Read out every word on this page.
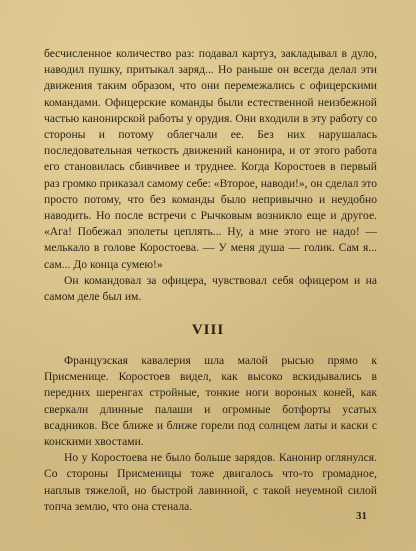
бесчисленное количество раз: подавал картуз, закладывал в дуло, наводил пушку, притыкал заряд... Но раньше он всегда делал эти движения таким образом, что они перемежались с офицерскими командами. Офицерские команды были естественной неизбежной частью канонирской работы у орудия. Они входили в эту работу со стороны и потому облегчали ее. Без них нарушалась последовательная четкость движений канонира, и от этого работа его становилась сбивчивее и труднее. Когда Коростоев в первый раз громко приказал самому себе: «Второе, наводи!», он сделал это просто потому, что без команды было непривычно и неудобно наводить. Но после встречи с Рычковым возникло еще и другое. «Ага! Побежал эполеты цеплять... Ну, а мне этого не надо! — мелькало в голове Коростоева. — У меня душа — голик. Сам я... сам... До конца сумею!»

Он командовал за офицера, чувствовал себя офицером и на самом деле был им.

VIII

Французская кавалерия шла малой рысью прямо к Присменице. Коростоев видел, как высоко вскидывались в передних шеренгах стройные, тонкие ноги вороных коней, как сверкали длинные палаши и огромные ботфорты усатых всадников. Все ближе и ближе горели под солнцем латы и каски с конскими хвостами.

Но у Коростоева не было больше зарядов. Канонир оглянулся. Со стороны Присменицы тоже двигалось что-то громадное, наплыв тяжелой, но быстрой лавинной, с такой неуемной силой топча землю, что она стенала.

31
